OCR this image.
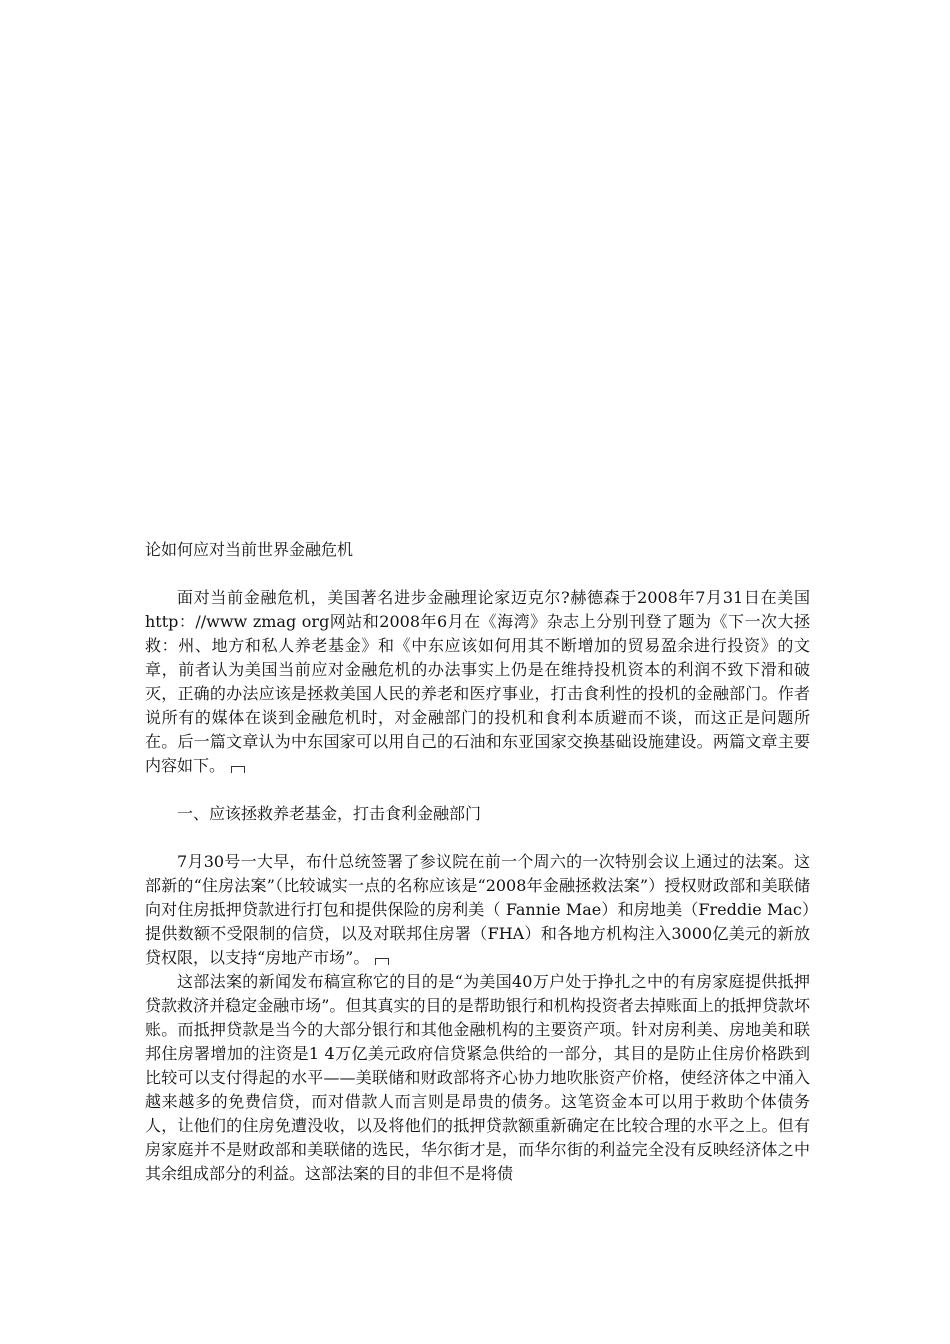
论如何应对当前世界金融危机

面对当前金融危机，美国著名进步金融理论家迈克尔?赫德森于2008年7月31日在美国http：//www zmag org网站和2008年6月在《海湾》杂志上分别刊登了题为《下一次大拯救：州、地方和私人养老基金》和《中东应该如何用其不断增加的贸易盈余进行投资》的文章，前者认为美国当前应对金融危机的办法事实上仍是在维持投机资本的利润不致下滑和破灭，正确的办法应该是拯救美国人民的养老和医疗事业，打击食利性的投机的金融部门。作者说所有的媒体在谈到金融危机时，对金融部门的投机和食利本质避而不谈，而这正是问题所在。后一篇文章认为中东国家可以用自己的石油和东亚国家交换基础设施建设。两篇文章主要内容如下。

一、应该拯救养老基金，打击食利金融部门

7月30号一大早，布什总统签署了参议院在前一个周六的一次特别会议上通过的法案。这部新的“住房法案”（比较诚实一点的名称应该是“2008年金融拯救法案”）授权财政部和美联储向对住房抵押贷款进行打包和提供保险的房利美（ Fannie Mae）和房地美（Freddie Mac）提供数额不受限制的信贷，以及对联邦住房署（FHA）和各地方机构注入3000亿美元的新放贷权限，以支持“房地产市场”。

这部法案的新闻发布稿宣称它的目的是“为美国40万户处于挣扎之中的有房家庭提供抵押贷款救济并稳定金融市场”。但其真实的目的是帮助银行和机构投资者去掉账面上的抵押贷款坏账。而抵押贷款是当今的大部分银行和其他金融机构的主要资产项。针对房利美、房地美和联邦住房署增加的注资是1 4万亿美元政府信贷紧急供给的一部分，其目的是防止住房价格跌到比较可以支付得起的水平——美联储和财政部将齐心协力地吹胀资产价格，使经济体之中涌入越来越多的免费信贷，而对借款人而言则是昂贵的债务。这笔资金本可以用于救助个体债务人，让他们的住房免遭没收，以及将他们的抵押贷款额重新确定在比较合理的水平之上。但有房家庭并不是财政部和美联储的选民，华尔街才是，而华尔街的利益完全没有反映经济体之中其余组成部分的利益。这部法案的目的非但不是将债
